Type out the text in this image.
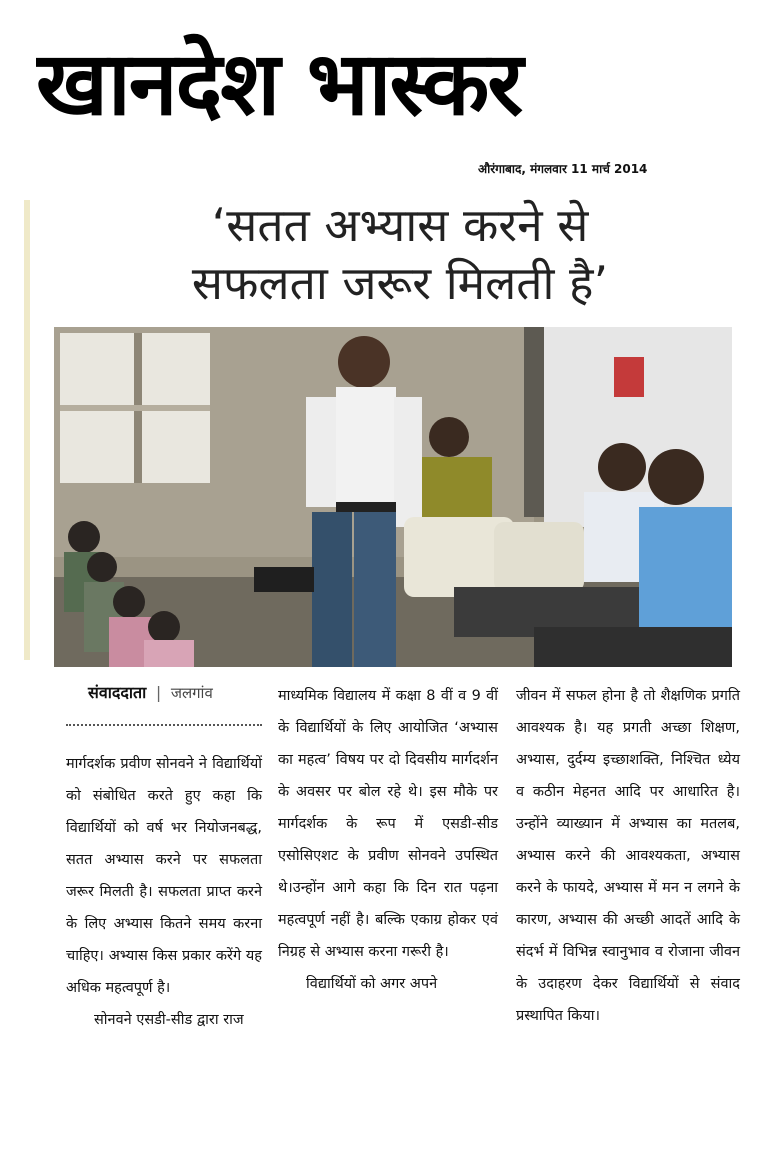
खानदेश भास्कर
औरंगाबाद, मंगलवार 11 मार्च 2014
‘सतत अभ्यास करने से
सफलता जरूर मिलती है’
संवाददाता | जलगांव

मार्गदर्शक प्रवीण सोनवने ने विद्यार्थियों को संबोधित करते हुए कहा कि विद्यार्थियों को वर्ष भर नियोजनबद्ध, सतत अभ्यास करने पर सफलता जरूर मिलती है। सफलता प्राप्त करने के लिए अभ्यास कितने समय करना चाहिए। अभ्यास किस प्रकार करेंगे यह अधिक महत्वपूर्ण है।

सोनवने एसडी-सीड द्वारा राज

माध्यमिक विद्यालय में कक्षा 8 वीं व 9 वीं के विद्यार्थियों के लिए आयोजित ‘अभ्यास का महत्व’ विषय पर दो दिवसीय मार्गदर्शन के अवसर पर बोल रहे थे। इस मौके पर मार्गदर्शक के रूप में एसडी-सीड एसोसिएशट के प्रवीण सोनवने उपस्थित थे।उन्होंन आगे कहा कि दिन रात पढ़ना महत्वपूर्ण नहीं है। बल्कि एकाग्र होकर एवं निग्रह से अभ्यास करना गरूरी है।

विद्यार्थियों को अगर अपने

जीवन में सफल होना है तो शैक्षणिक प्रगति आवश्यक है। यह प्रगती अच्छा शिक्षण, अभ्यास, दुर्दम्य इच्छाशक्ति, निश्चित ध्येय व कठीन मेहनत आदि पर आधारित है। उन्होंने व्याख्यान में अभ्यास का मतलब, अभ्यास करने की आवश्यकता, अभ्यास करने के फायदे, अभ्यास में मन न लगने के कारण, अभ्यास की अच्छी आदतें आदि के संदर्भ में विभिन्न स्वानुभाव व रोजाना जीवन के उदाहरण देकर विद्यार्थियों से संवाद प्रस्थापित किया।
